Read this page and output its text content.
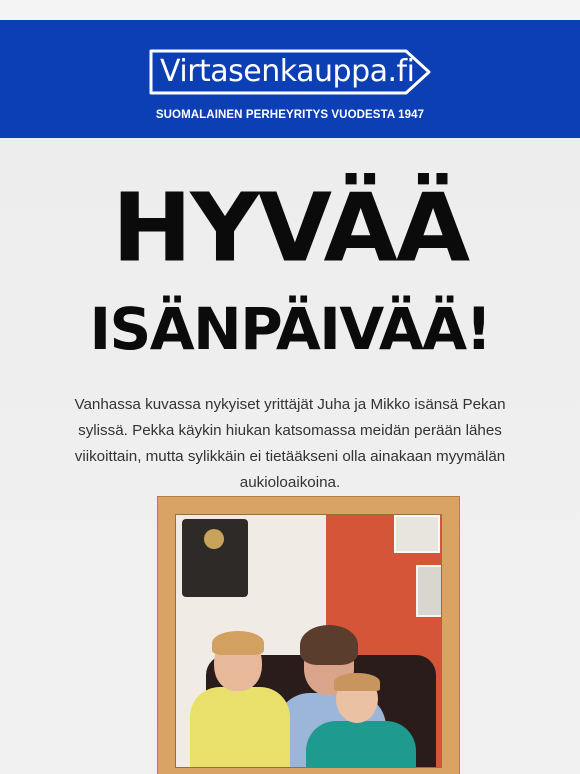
Virtasenkauppa.fi
SUOMALAINEN PERHEYRITYS VUODESTA 1947
HYVÄÄ
ISÄNPÄIVÄÄ!

Vanhassa kuvassa nykyiset yrittäjät Juha ja Mikko isänsä Pekan sylissä. Pekka käykin hiukan katsomassa meidän perään lähes viikoittain, mutta sylikkäin ei tietääkseni olla ainakaan myymälän aukioloaikoina.
